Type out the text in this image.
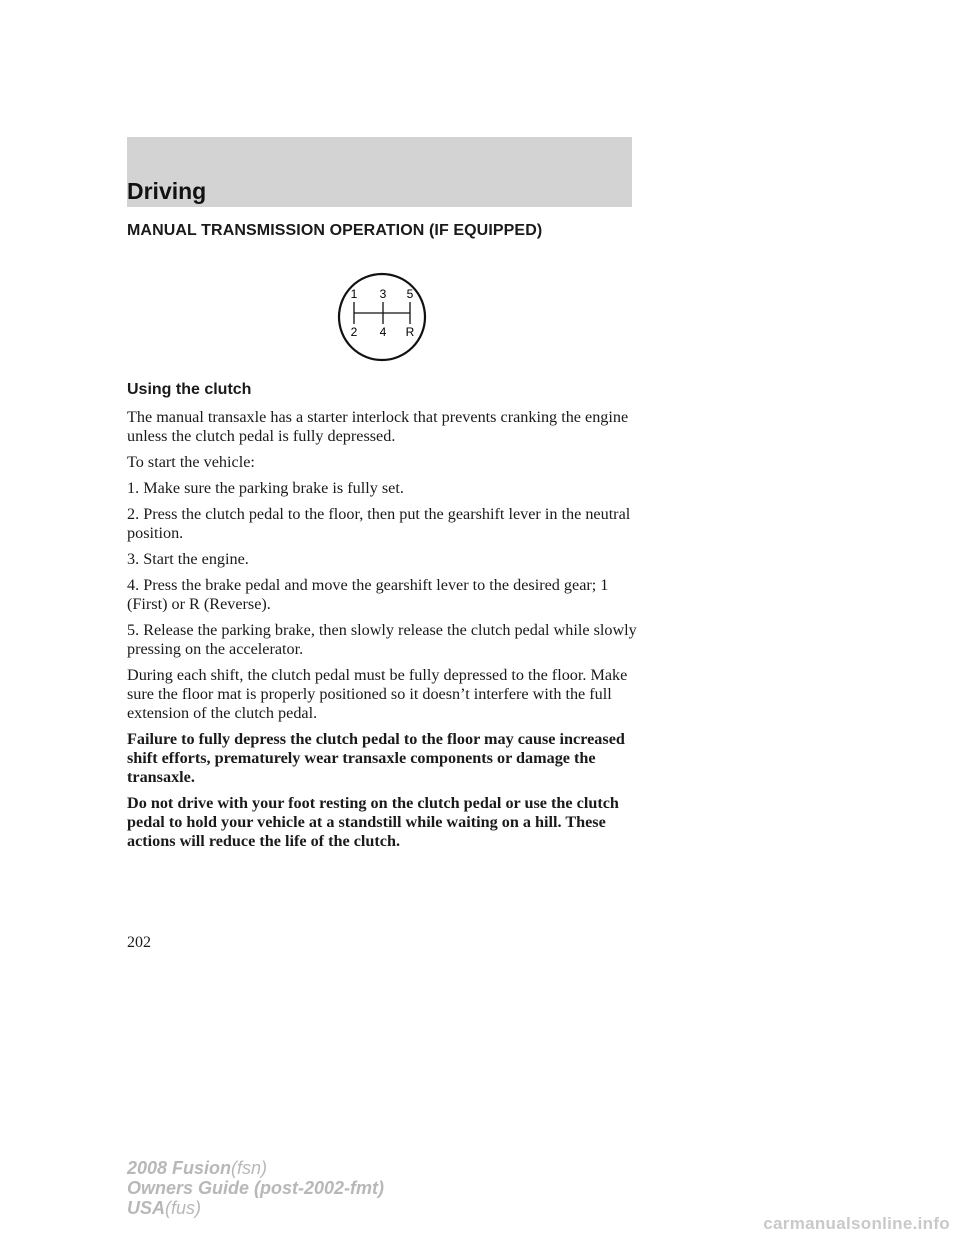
Driving
MANUAL TRANSMISSION OPERATION (IF EQUIPPED)
1 3 5
2 4 R
Using the clutch

The manual transaxle has a starter interlock that prevents cranking the engine unless the clutch pedal is fully depressed.

To start the vehicle:

1. Make sure the parking brake is fully set.

2. Press the clutch pedal to the floor, then put the gearshift lever in the neutral position.

3. Start the engine.

4. Press the brake pedal and move the gearshift lever to the desired gear; 1 (First) or R (Reverse).

5. Release the parking brake, then slowly release the clutch pedal while slowly pressing on the accelerator.

During each shift, the clutch pedal must be fully depressed to the floor. Make sure the floor mat is properly positioned so it doesn’t interfere with the full extension of the clutch pedal.

Failure to fully depress the clutch pedal to the floor may cause increased shift efforts, prematurely wear transaxle components or damage the transaxle.

Do not drive with your foot resting on the clutch pedal or use the clutch pedal to hold your vehicle at a standstill while waiting on a hill. These actions will reduce the life of the clutch.

202
2008 Fusion(fsn)
Owners Guide (post-2002-fmt)
USA(fus)
carmanualsonline.info
